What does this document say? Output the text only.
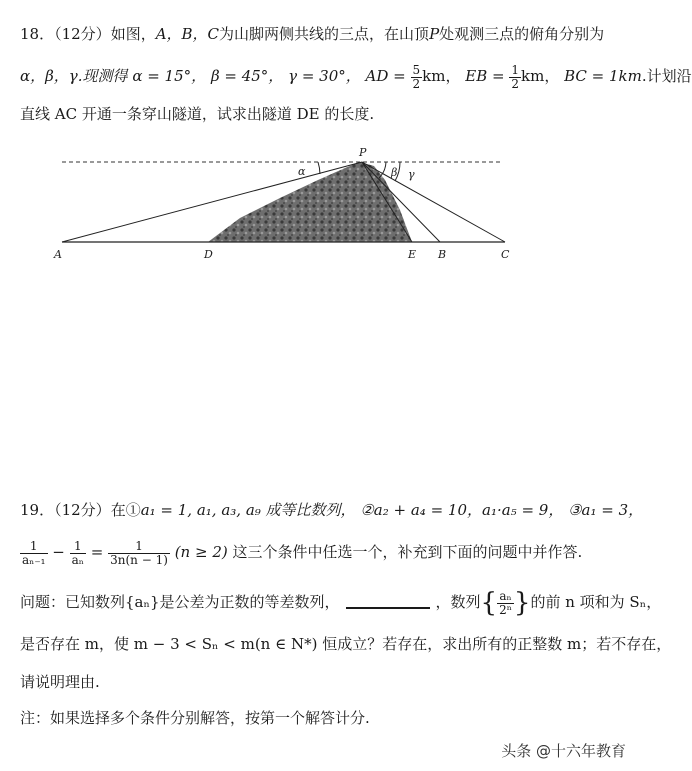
18．（12分）如图，A，B，C为山脚两侧共线的三点，在山顶P处观测三点的俯角分别为
α，β，γ.现测得 α = 15°， β = 45°， γ = 30°， AD = $\frac{5}{2}$ km， EB = $\frac{1}{2}$ km， BC = 1km.计划沿
直线 AC 开通一条穿山隧道，试求出隧道 DE 的长度.
P
α	β γ
A	D	E B	C
19．（12分）在①a₁ = 1, a₁, a₃, a₉ 成等比数列， ②a₂ + a₄ = 10，a₁·a₅ = 9， ③a₁ = 3，
$\frac{1}{\text{aₙ₋₁}} - \frac{1}{\text{aₙ}} = \frac{1}{3n(n - 1)} (n \ge 2)$ 这三个条件中任选一个，补充到下面的问题中并作答.
问题：已知数列{aₙ}是公差为正数的等差数列，	，数列{ $\frac{\text{aₙ}}{\text{2ⁿ}}$ }的前 n 项和为 Sₙ，
是否存在 m，使 m − 3 < Sₙ < m(n ∈ N*) 恒成立？若存在，求出所有的正整数 m；若不存在，
请说明理由.
注：如果选择多个条件分别解答，按第一个解答计分.
头条 @十六年教育
